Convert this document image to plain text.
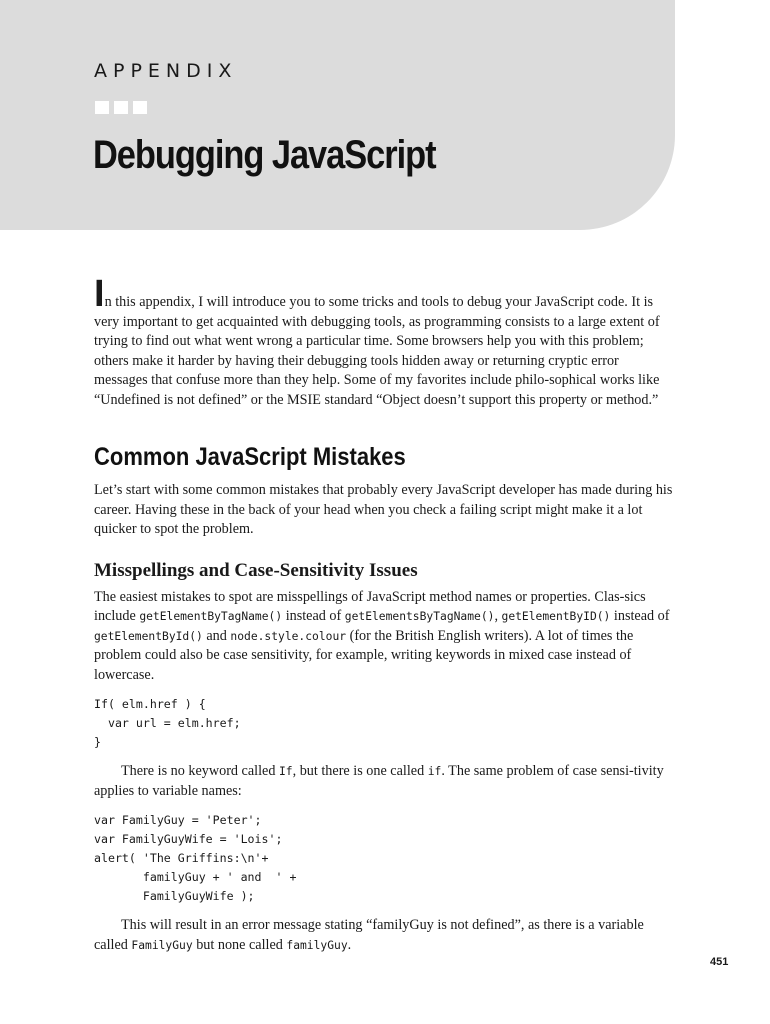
APPENDIX
Debugging JavaScript

In this appendix, I will introduce you to some tricks and tools to debug your JavaScript code. It is very important to get acquainted with debugging tools, as programming consists to a large extent of trying to find out what went wrong a particular time. Some browsers help you with this problem; others make it harder by having their debugging tools hidden away or returning cryptic error messages that confuse more than they help. Some of my favorites include philo-sophical works like “Undefined is not defined” or the MSIE standard “Object doesn’t support this property or method.”

Common JavaScript Mistakes

Let’s start with some common mistakes that probably every JavaScript developer has made during his career. Having these in the back of your head when you check a failing script might make it a lot quicker to spot the problem.

Misspellings and Case-Sensitivity Issues

The easiest mistakes to spot are misspellings of JavaScript method names or properties. Clas-sics include getElementByTagName() instead of getElementsByTagName(), getElementByID() instead of getElementById() and node.style.colour (for the British English writers). A lot of times the problem could also be case sensitivity, for example, writing keywords in mixed case instead of lowercase.

If( elm.href ) {
var url = elm.href;
}

There is no keyword called If, but there is one called if. The same problem of case sensi-tivity applies to variable names:

var FamilyGuy = 'Peter';
var FamilyGuyWife = 'Lois';
alert( 'The Griffins:\n'+
familyGuy + ' and  ' +
FamilyGuyWife );

This will result in an error message stating “familyGuy is not defined”, as there is a variable called FamilyGuy but none called familyGuy.

451
